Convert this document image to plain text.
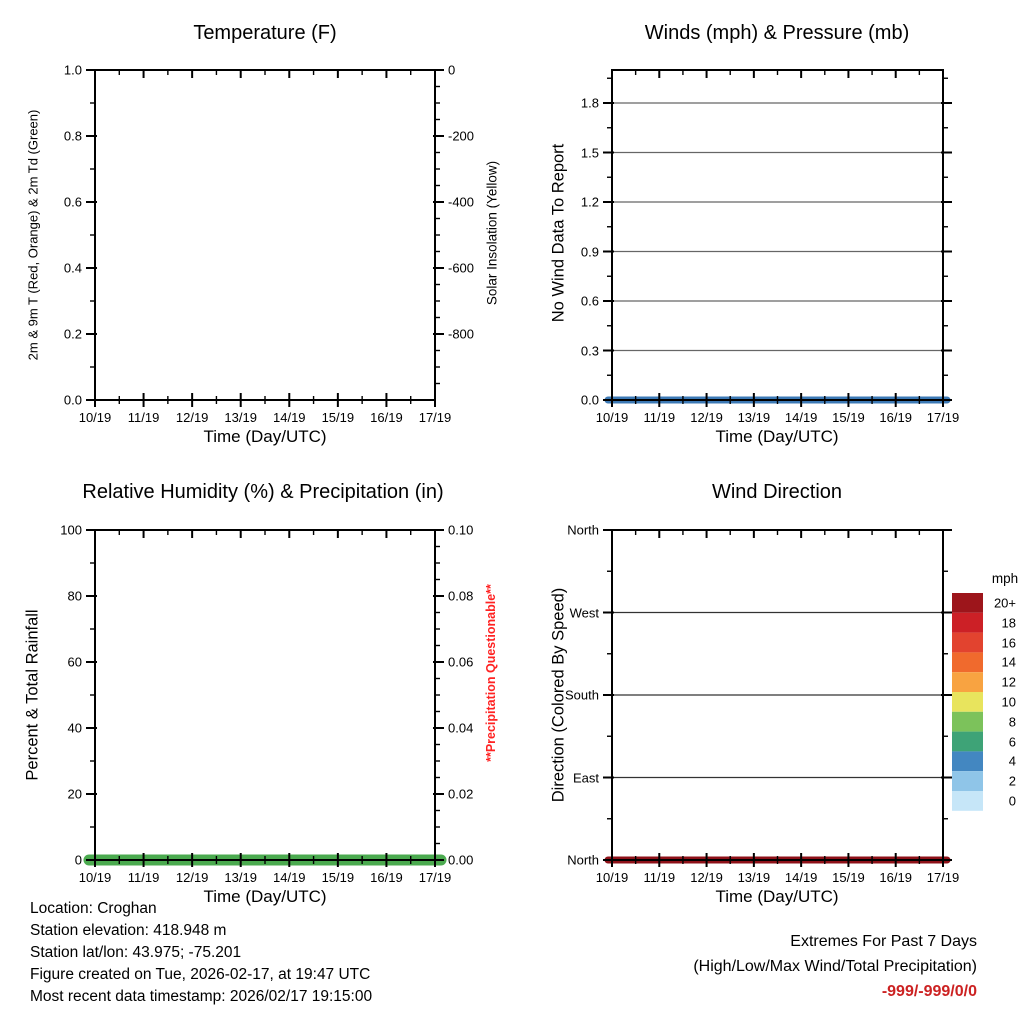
Temperature (F)	Winds (mph) & Pressure (mb)
Relative Humidity (%) & Precipitation (in)	Wind Direction
Time (Day/UTC)	Time (Day/UTC)
Time (Day/UTC)	Time (Day/UTC)
2m & 9m T (Red, Orange) & 2m Td (Green)	Solar Insolation (Yellow)	No Wind Data To Report
Percent & Total Rainfall	**Precipitation Questionable**	Direction (Colored By Speed)
mph
Location: Croghan
Station elevation: 418.948 m
Station lat/lon: 43.975; -75.201
Figure created on Tue, 2026-02-17, at 19:47 UTC
Most recent data timestamp: 2026/02/17 19:15:00
Extremes For Past 7 Days
(High/Low/Max Wind/Total Precipitation)
-999/-999/0/0
1.0
0.8
0.6
0.4
0.2
0.0
0
-200
-400
-600
-800
10/19 11/19 12/19 13/19 14/19 15/19 16/19 17/19
1.8
1.5
1.2
0.9
0.6
0.3
0.0
10/19 11/19 12/19 13/19 14/19 15/19 16/19 17/19
100
80
60
40
20
0
0.10
0.08
0.06
0.04
0.02
0.00
10/19 11/19 12/19 13/19 14/19 15/19 16/19 17/19
North
West
South
East
North
10/19 11/19 12/19 13/19 14/19 15/19 16/19 17/19
20+
18
16
14
12
10
8
6
4
2
0
